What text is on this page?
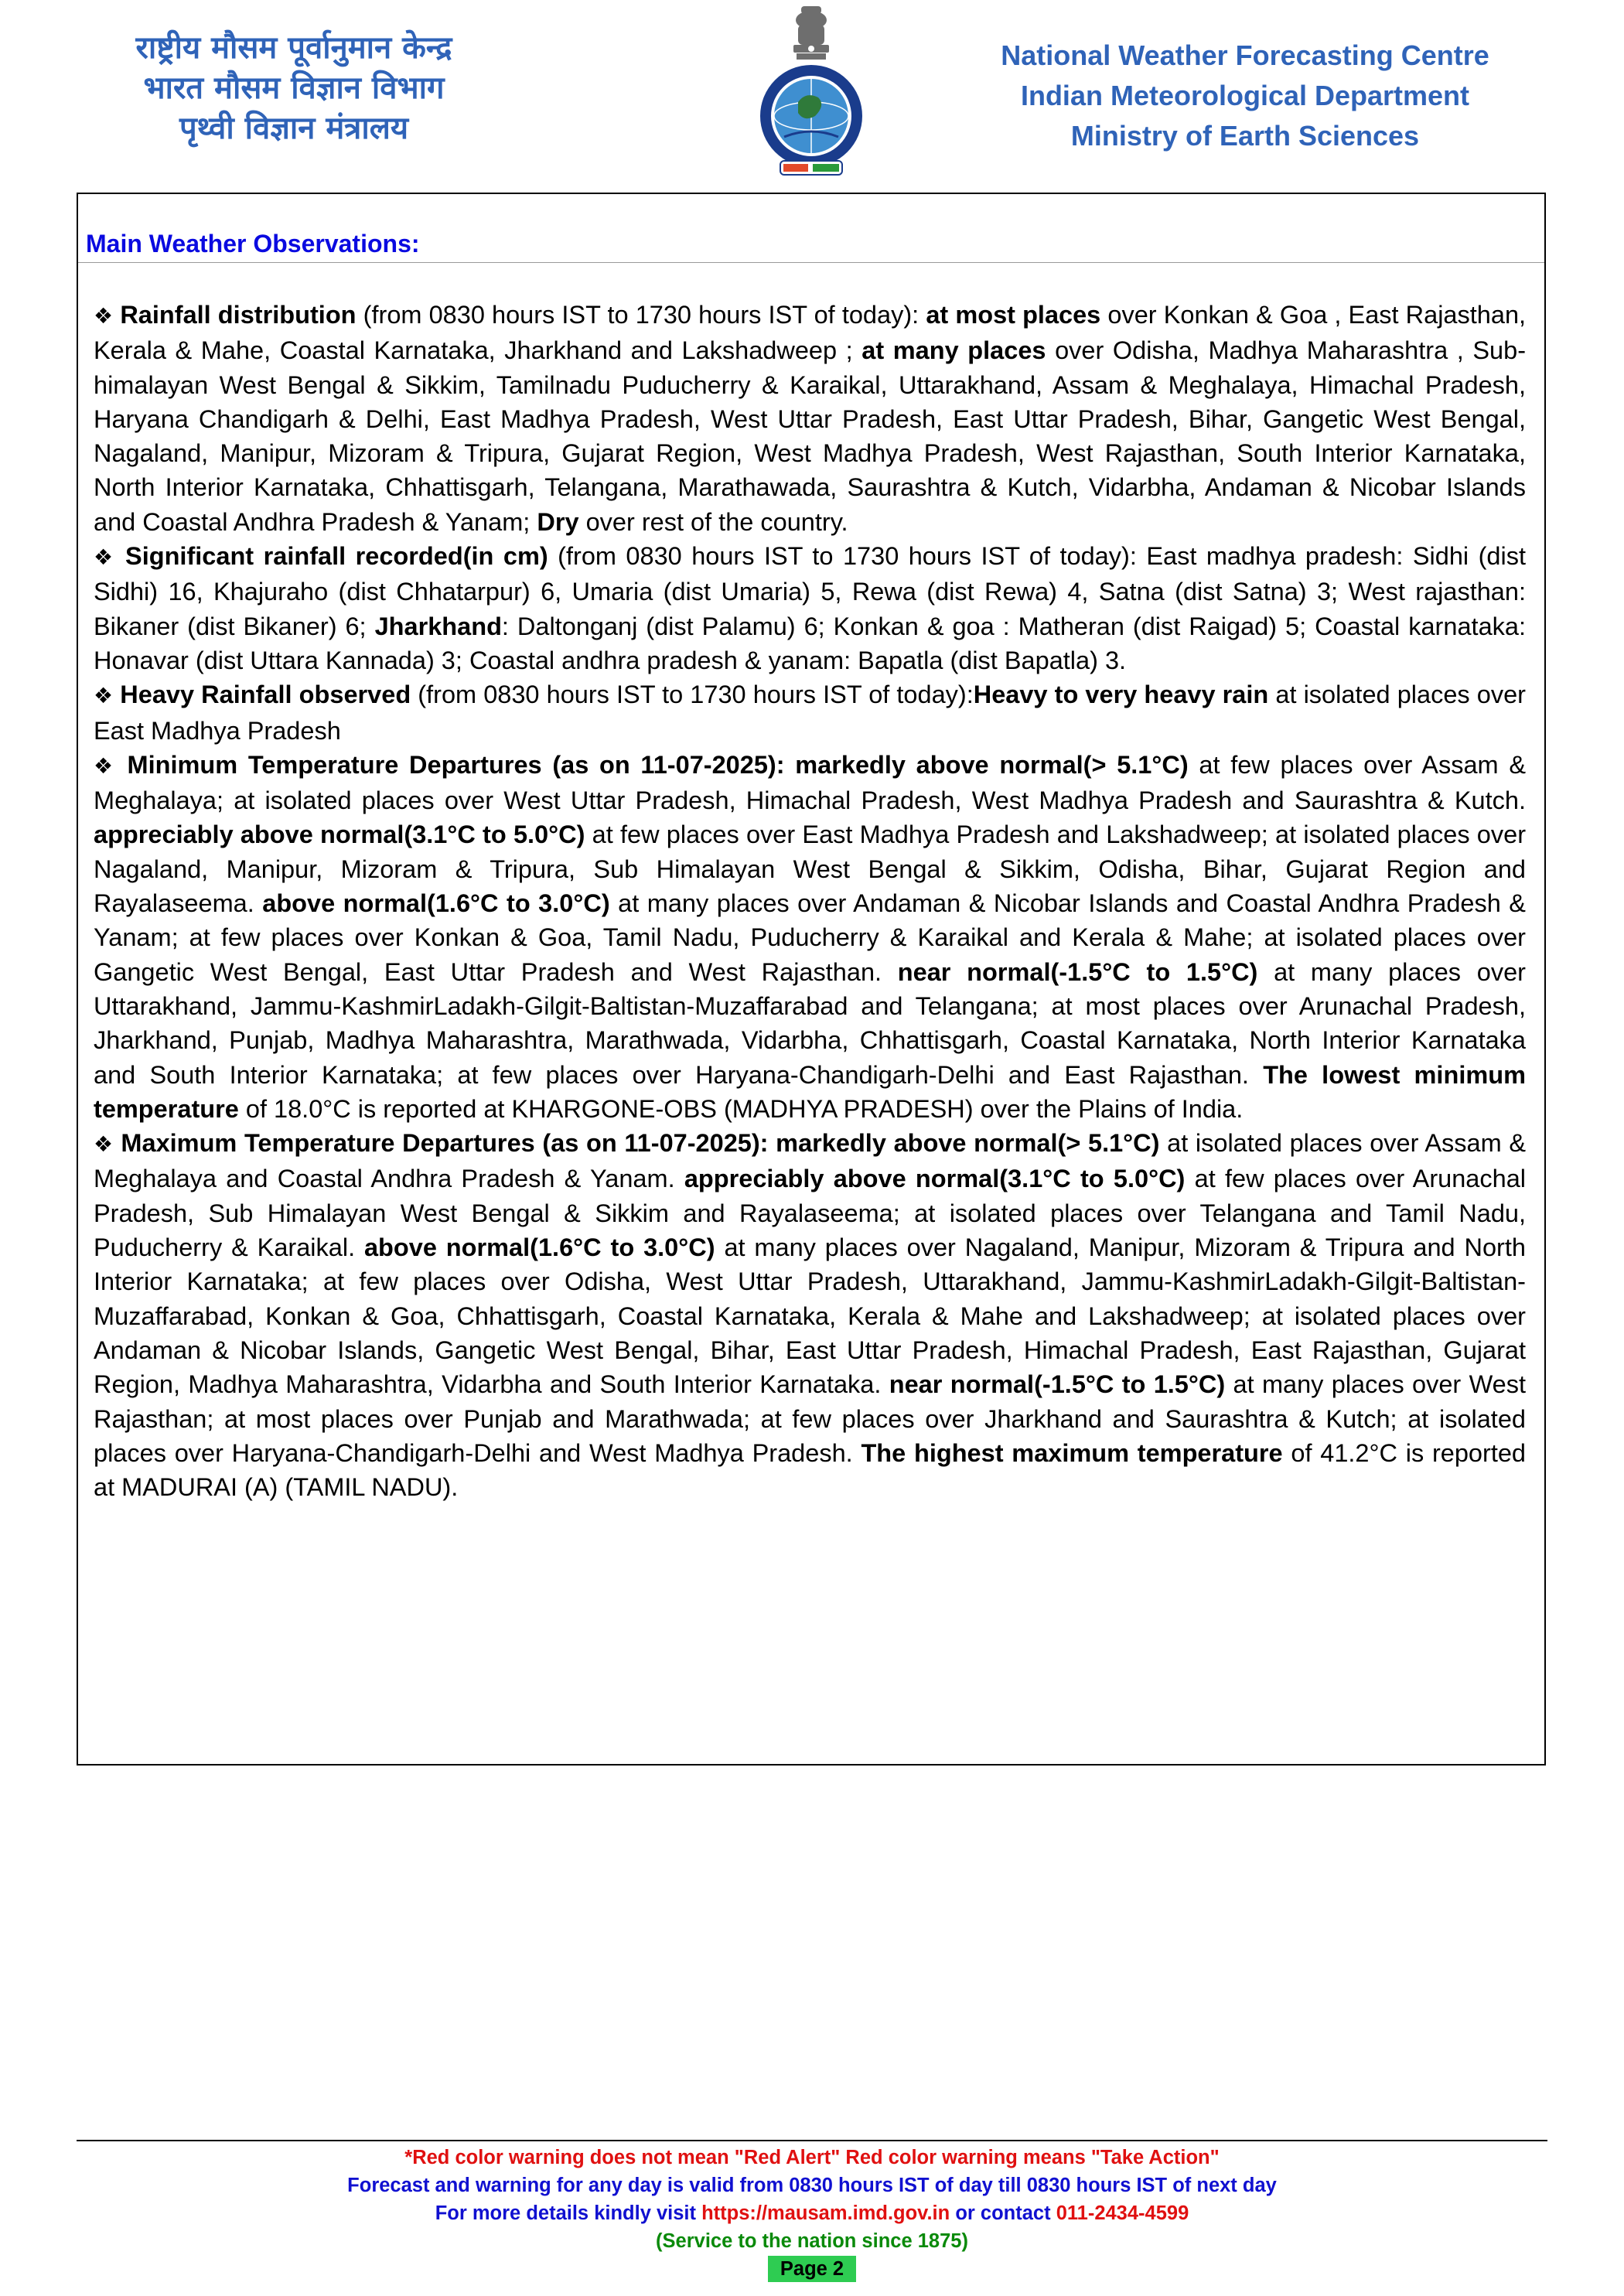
राष्ट्रीय मौसम पूर्वानुमान केन्द्र
भारत मौसम विज्ञान विभाग
पृथ्वी विज्ञान मंत्रालय
National Weather Forecasting Centre
Indian Meteorological Department
Ministry of Earth Sciences
Main Weather Observations:

❖ Rainfall distribution (from 0830 hours IST to 1730 hours IST of today): at most places over Konkan & Goa , East Rajasthan, Kerala & Mahe, Coastal Karnataka, Jharkhand and Lakshadweep ; at many places over Odisha, Madhya Maharashtra , Sub-himalayan West Bengal & Sikkim, Tamilnadu Puducherry & Karaikal, Uttarakhand, Assam & Meghalaya, Himachal Pradesh, Haryana Chandigarh & Delhi, East Madhya Pradesh, West Uttar Pradesh, East Uttar Pradesh, Bihar, Gangetic West Bengal, Nagaland, Manipur, Mizoram & Tripura, Gujarat Region, West Madhya Pradesh, West Rajasthan, South Interior Karnataka, North Interior Karnataka, Chhattisgarh, Telangana, Marathawada, Saurashtra & Kutch, Vidarbha, Andaman & Nicobar Islands and Coastal Andhra Pradesh & Yanam; Dry over rest of the country.

❖ Significant rainfall recorded(in cm) (from 0830 hours IST to 1730 hours IST of today): East madhya pradesh: Sidhi (dist Sidhi) 16, Khajuraho (dist Chhatarpur) 6, Umaria (dist Umaria) 5, Rewa (dist Rewa) 4, Satna (dist Satna) 3; West rajasthan: Bikaner (dist Bikaner) 6; Jharkhand: Daltonganj (dist Palamu) 6; Konkan & goa : Matheran (dist Raigad) 5; Coastal karnataka: Honavar (dist Uttara Kannada) 3; Coastal andhra pradesh & yanam: Bapatla (dist Bapatla) 3.

❖ Heavy Rainfall observed (from 0830 hours IST to 1730 hours IST of today):Heavy to very heavy rain at isolated places over East Madhya Pradesh

❖ Minimum Temperature Departures (as on 11-07-2025): markedly above normal(> 5.1°C) at few places over Assam & Meghalaya; at isolated places over West Uttar Pradesh, Himachal Pradesh, West Madhya Pradesh and Saurashtra & Kutch. appreciably above normal(3.1°C to 5.0°C) at few places over East Madhya Pradesh and Lakshadweep; at isolated places over Nagaland, Manipur, Mizoram & Tripura, Sub Himalayan West Bengal & Sikkim, Odisha, Bihar, Gujarat Region and Rayalaseema. above normal(1.6°C to 3.0°C) at many places over Andaman & Nicobar Islands and Coastal Andhra Pradesh & Yanam; at few places over Konkan & Goa, Tamil Nadu, Puducherry & Karaikal and Kerala & Mahe; at isolated places over Gangetic West Bengal, East Uttar Pradesh and West Rajasthan. near normal(-1.5°C to 1.5°C) at many places over Uttarakhand, Jammu-KashmirLadakh-Gilgit-Baltistan-Muzaffarabad and Telangana; at most places over Arunachal Pradesh, Jharkhand, Punjab, Madhya Maharashtra, Marathwada, Vidarbha, Chhattisgarh, Coastal Karnataka, North Interior Karnataka and South Interior Karnataka; at few places over Haryana-Chandigarh-Delhi and East Rajasthan. The lowest minimum temperature of 18.0°C is reported at KHARGONE-OBS (MADHYA PRADESH) over the Plains of India.

❖ Maximum Temperature Departures (as on 11-07-2025): markedly above normal(> 5.1°C) at isolated places over Assam & Meghalaya and Coastal Andhra Pradesh & Yanam. appreciably above normal(3.1°C to 5.0°C) at few places over Arunachal Pradesh, Sub Himalayan West Bengal & Sikkim and Rayalaseema; at isolated places over Telangana and Tamil Nadu, Puducherry & Karaikal. above normal(1.6°C to 3.0°C) at many places over Nagaland, Manipur, Mizoram & Tripura and North Interior Karnataka; at few places over Odisha, West Uttar Pradesh, Uttarakhand, Jammu-KashmirLadakh-Gilgit-Baltistan-Muzaffarabad, Konkan & Goa, Chhattisgarh, Coastal Karnataka, Kerala & Mahe and Lakshadweep; at isolated places over Andaman & Nicobar Islands, Gangetic West Bengal, Bihar, East Uttar Pradesh, Himachal Pradesh, East Rajasthan, Gujarat Region, Madhya Maharashtra, Vidarbha and South Interior Karnataka. near normal(-1.5°C to 1.5°C) at many places over West Rajasthan; at most places over Punjab and Marathwada; at few places over Jharkhand and Saurashtra & Kutch; at isolated places over Haryana-Chandigarh-Delhi and West Madhya Pradesh. The highest maximum temperature of 41.2°C is reported at MADURAI (A) (TAMIL NADU).

*Red color warning does not mean "Red Alert" Red color warning means "Take Action"
Forecast and warning for any day is valid from 0830 hours IST of day till 0830 hours IST of next day
For more details kindly visit https://mausam.imd.gov.in or contact 011-2434-4599
(Service to the nation since 1875)
Page 2
